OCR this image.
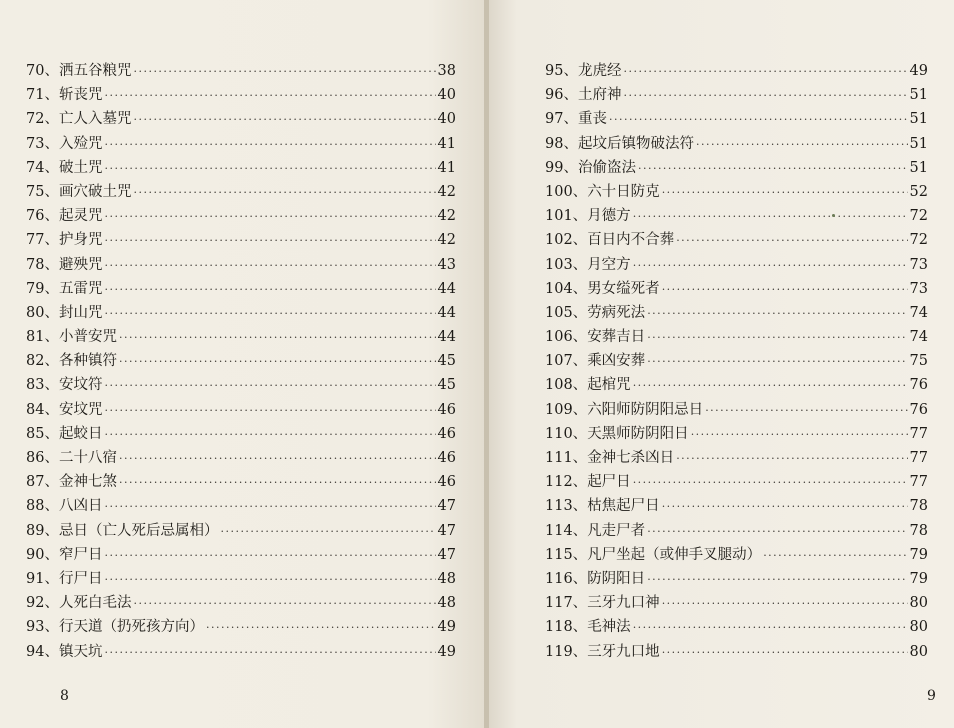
70、 洒五谷粮咒 ·····	38
71、 斩丧咒 ·····	40
72、 亡人入墓咒 ·····	40
73、 入殓咒 ·····	41
74、 破土咒 ·····	41
75、 画穴破土咒 ·····	42
76、 起灵咒 ·····	42
77、 护身咒 ·····	42
78、 避殃咒 ·····	43
79、 五雷咒 ·····	44
80、 封山咒 ·····	44
81、 小普安咒 ·····	44
82、 各种镇符 ·····	45
83、 安坟符 ·····	45
84、 安坟咒 ·····	46
85、 起蛟日 ·····	46
86、 二十八宿 ·····	46
87、 金神七煞 ·····	46
88、 八凶日 ·····	47
89、 忌日（亡人死后忌属相） ·····	47
90、 窄尸日 ·····	47
91、 行尸日 ·····	48
92、 人死白毛法 ·····	48
93、 行天道（扔死孩方向） ·····	49
94、 镇天坑 ·····	49
95、 龙虎经 ·····	49
96、 土府神 ·····	51
97、 重丧 ·····	51
98、 起坟后镇物破法符 ·····	51
99、 治偷盗法 ·····	51
100、 六十日防克 ·····	52
101、 月德方 ·····	72
102、 百日内不合葬 ·····	72
103、 月空方 ·····	73
104、 男女缢死者 ·····	73
105、 劳病死法 ·····	74
106、 安葬吉日 ·····	74
107、 乘凶安葬 ·····	75
108、 起棺咒 ·····	76
109、 六阳师防阴阳忌日 ·····	76
110、 天黑师防阴阳日 ·····	77
111、 金神七杀凶日 ·····	77
112、 起尸日 ·····	77
113、 枯焦起尸日 ·····	78
114、 凡走尸者 ·····	78
115、 凡尸坐起（或伸手叉腿动） ·····	79
116、 防阴阳日 ·····	79
117、 三牙九口神 ·····	80
118、 毛神法 ·····	80
119、 三牙九口地 ·····	80
8	9
